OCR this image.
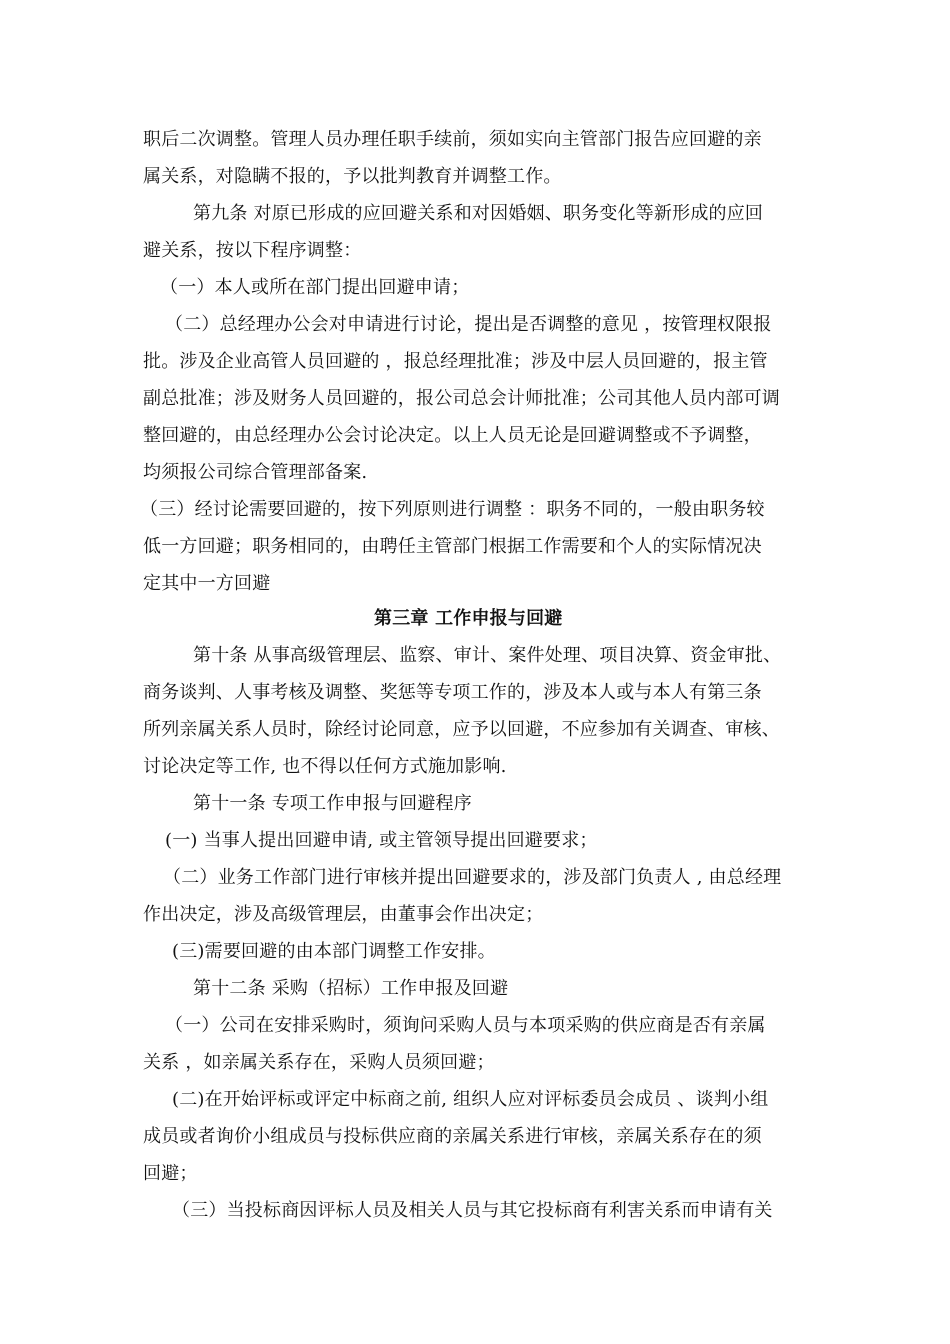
职后二次调整。管理人员办理任职手续前，须如实向主管部门报告应回避的亲
属关系，对隐瞒不报的，予以批判教育并调整工作。
第九条 对原已形成的应回避关系和对因婚姻、职务变化等新形成的应回
避关系，按以下程序调整：
（一）本人或所在部门提出回避申请；
（二）总经理办公会对申请进行讨论，提出是否调整的意见 ，按管理权限报
批。涉及企业高管人员回避的 ，报总经理批准；涉及中层人员回避的，报主管
副总批准；涉及财务人员回避的，报公司总会计师批准；公司其他人员内部可调
整回避的，由总经理办公会讨论决定。以上人员无论是回避调整或不予调整，
均须报公司综合管理部备案.
（三）经讨论需要回避的，按下列原则进行调整 ：职务不同的，一般由职务较
低一方回避；职务相同的，由聘任主管部门根据工作需要和个人的实际情况决
定其中一方回避
第三章 工作申报与回避
第十条 从事高级管理层、监察、审计、案件处理、项目决算、资金审批、
商务谈判、人事考核及调整、奖惩等专项工作的，涉及本人或与本人有第三条
所列亲属关系人员时，除经讨论同意，应予以回避，不应参加有关调查、审核、
讨论决定等工作, 也不得以任何方式施加影响.
第十一条 专项工作申报与回避程序
(一) 当事人提出回避申请, 或主管领导提出回避要求；
（二）业务工作部门进行审核并提出回避要求的，涉及部门负责人 , 由总经理
作出决定，涉及高级管理层，由董事会作出决定；
(三)需要回避的由本部门调整工作安排。
第十二条 采购（招标）工作申报及回避
（一）公司在安排采购时，须询问采购人员与本项采购的供应商是否有亲属
关系 ，如亲属关系存在，采购人员须回避；
(二)在开始评标或评定中标商之前, 组织人应对评标委员会成员 、谈判小组
成员或者询价小组成员与投标供应商的亲属关系进行审核，亲属关系存在的须
回避；
（三）当投标商因评标人员及相关人员与其它投标商有利害关系而申请有关
